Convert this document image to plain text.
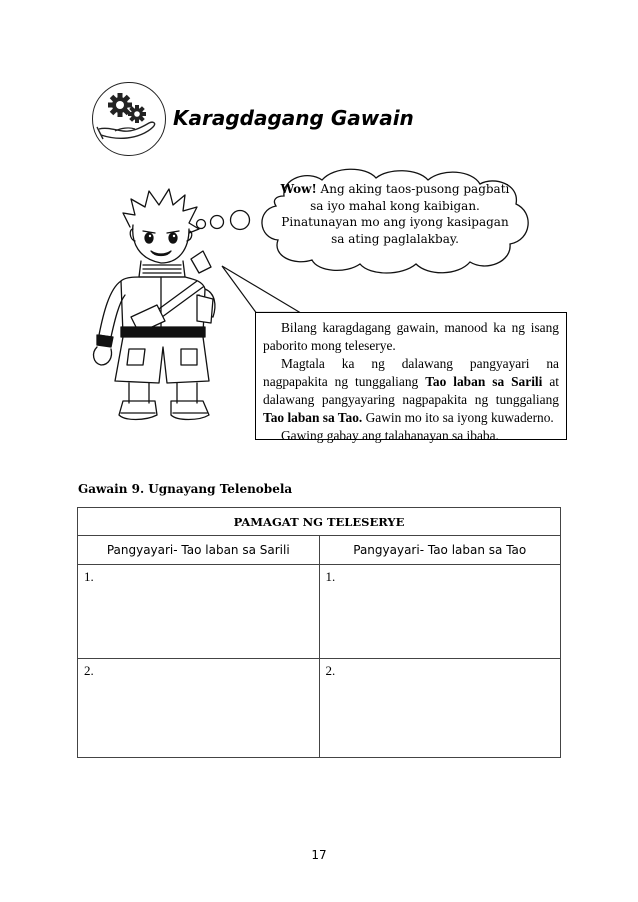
Karagdagang Gawain
Wow! Ang aking taos-pusong pagbati sa iyo mahal kong kaibigan. Pinatunayan mo ang iyong kasipagan sa ating paglalakbay.

Bilang karagdagang gawain, manood ka ng isang paborito mong teleserye.

Magtala ka ng dalawang pangyayari na nagpapakita ng tunggaliang Tao laban sa Sarili at dalawang pangyayaring nagpapakita ng tunggaliang Tao laban sa Tao. Gawin mo ito sa iyong kuwaderno.

Gawing gabay ang talahanayan sa ibaba.

Gawain 9. Ugnayang Telenobela
PAMAGAT NG TELESERYE	
Pangyayari- Tao laban sa Sarili	Pangyayari- Tao laban sa Tao
1.	1.
2.	2.
17
